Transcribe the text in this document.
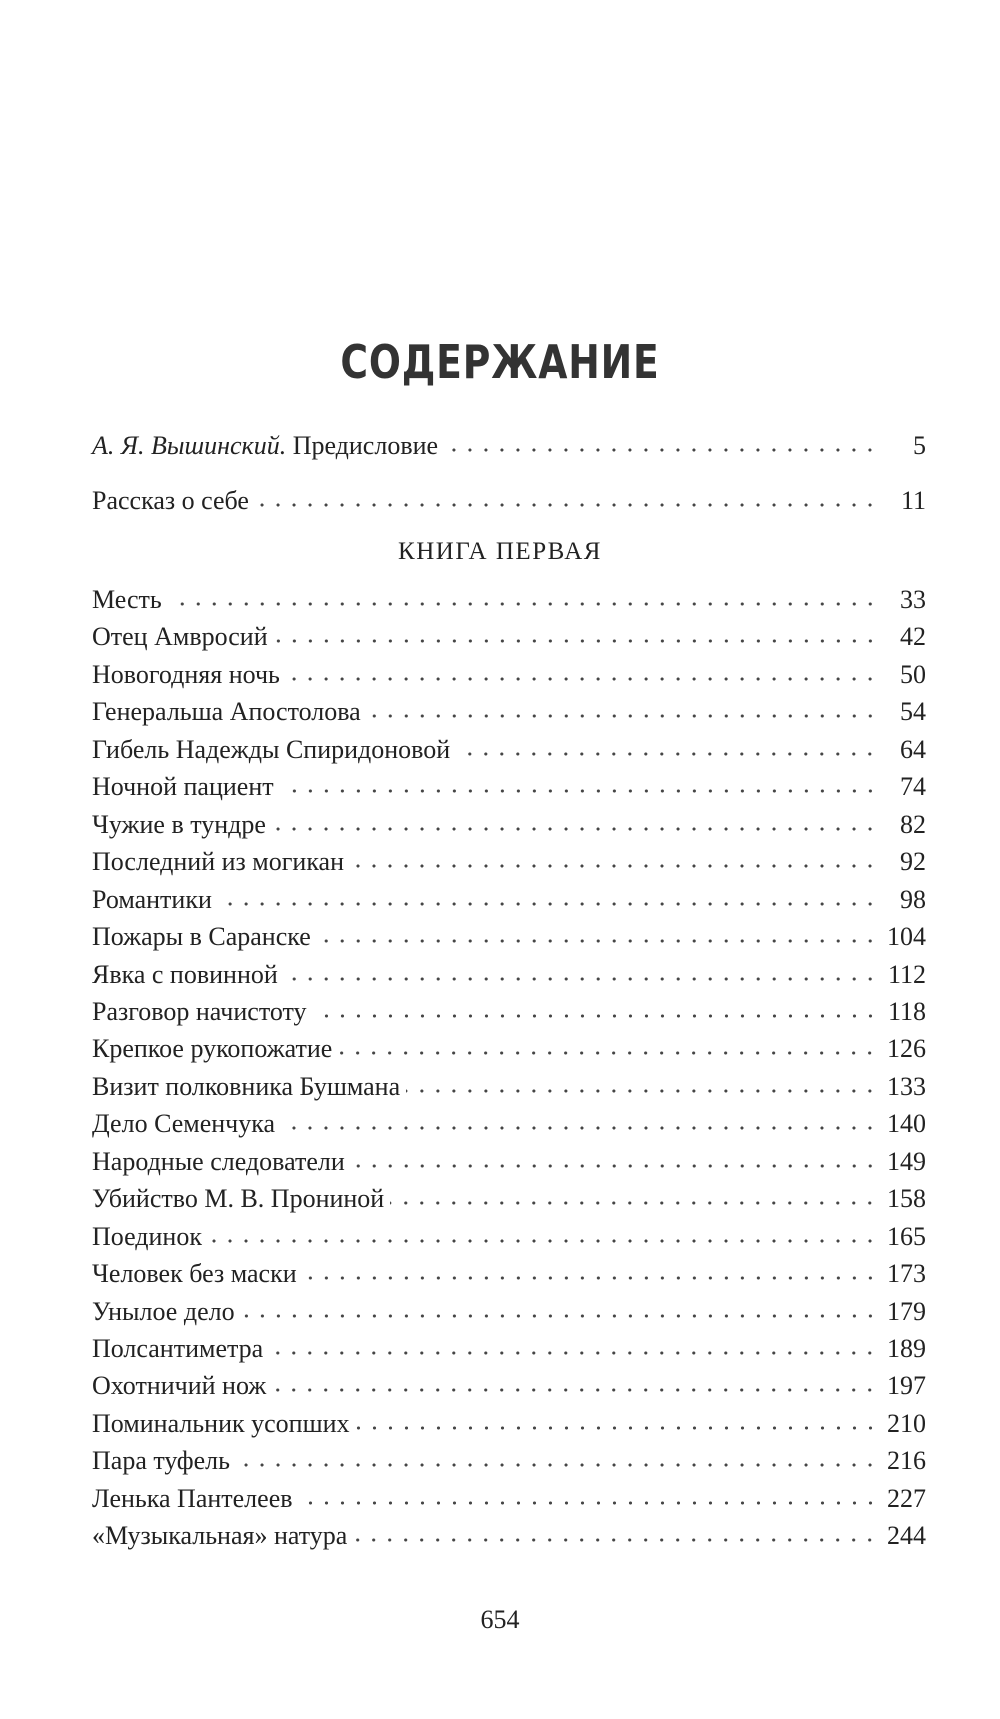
СОДЕРЖАНИЕ
А. Я. Вышинский. Предисловие	5
Рассказ о себе	11
КНИГА ПЕРВАЯ
Месть	33
Отец Амвросий	42
Новогодняя ночь	50
Генеральша Апостолова	54
Гибель Надежды Спиридоновой	64
Ночной пациент	74
Чужие в тундре	82
Последний из могикан	92
Романтики	98
Пожары в Саранске	104
Явка с повинной	112
Разговор начистоту	118
Крепкое рукопожатие	126
Визит полковника Бушмана	133
Дело Семенчука	140
Народные следователи	149
Убийство М. В. Прониной	158
Поединок	165
Человек без маски	173
Унылое дело	179
Полсантиметра	189
Охотничий нож	197
Поминальник усопших	210
Пара туфель	216
Ленька Пантелеев	227
«Музыкальная» натура	244
654
